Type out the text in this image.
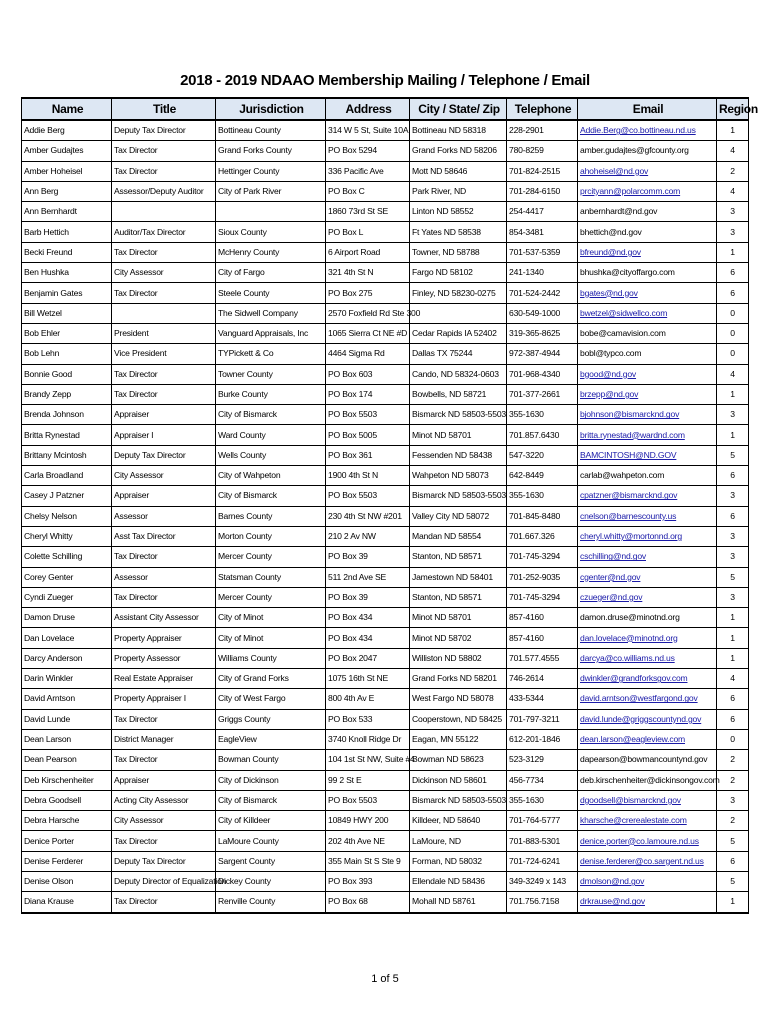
2018 - 2019 NDAAO Membership Mailing / Telephone / Email
Name	Title	Jurisdiction	Address	City / State/ Zip	Telephone	Email	Region
Addie Berg	Deputy Tax Director	Bottineau County	314 W 5 St, Suite 10A	Bottineau ND 58318	228-2901	Addie.Berg@co.bottineau.nd.us	1
Amber Gudajtes	Tax Director	Grand Forks County	PO Box 5294	Grand Forks ND 58206	780-8259	amber.gudajtes@gfcounty.org	4
Amber Hoheisel	Tax Director	Hettinger County	336 Pacific Ave	Mott ND 58646	701-824-2515	ahoheisel@nd.gov	2
Ann Berg	Assessor/Deputy Auditor	City of Park River	PO Box C	Park River, ND	701-284-6150	prcityann@polarcomm.com	4
Ann Bernhardt			1860 73rd St SE	Linton ND 58552	254-4417	anbernhardt@nd.gov	3
Barb Hettich	Auditor/Tax Director	Sioux County	PO Box L	Ft Yates ND 58538	854-3481	bhettich@nd.gov	3
Becki Freund	Tax Director	McHenry County	6 Airport Road	Towner, ND 58788	701-537-5359	bfreund@nd.gov	1
Ben Hushka	City Assessor	City of Fargo	321 4th St N	Fargo ND 58102	241-1340	bhushka@cityoffargo.com	6
Benjamin Gates	Tax Director	Steele County	PO Box 275	Finley, ND 58230-0275	701-524-2442	bgates@nd.gov	6
Bill Wetzel		The Sidwell Company	2570 Foxfield Rd Ste 300		630-549-1000	bwetzel@sidwellco.com	0
Bob Ehler	President	Vanguard Appraisals, Inc	1065 Sierra Ct NE #D	Cedar Rapids IA 52402	319-365-8625	bobe@camavision.com	0
Bob Lehn	Vice President	TYPickett & Co	4464 Sigma Rd	Dallas TX 75244	972-387-4944	bobl@typco.com	0
Bonnie Good	Tax Director	Towner County	PO Box 603	Cando, ND 58324-0603	701-968-4340	bgood@nd.gov	4
Brandy Zepp	Tax Director	Burke County	PO Box 174	Bowbells, ND 58721	701-377-2661	brzepp@nd.gov	1
Brenda Johnson	Appraiser	City of Bismarck	PO Box 5503	Bismarck ND 58503-5503	355-1630	bjohnson@bismarcknd.gov	3
Britta Rynestad	Appraiser I	Ward County	PO Box 5005	Minot ND 58701	701.857.6430	britta.rynestad@wardnd.com	1
Brittany Mcintosh	Deputy Tax Director	Wells County	PO Box 361	Fessenden ND 58438	547-3220	BAMCINTOSH@ND.GOV	5
Carla Broadland	City Assessor	City of Wahpeton	1900 4th St N	Wahpeton ND 58073	642-8449	carlab@wahpeton.com	6
Casey J Patzner	Appraiser	City of Bismarck	PO Box 5503	Bismarck ND 58503-5503	355-1630	cpatzner@bismarcknd.gov	3
Chelsy Nelson	Assessor	Barnes County	230 4th St NW #201	Valley City ND 58072	701-845-8480	cnelson@barnescounty.us	6
Cheryl Whitty	Asst Tax Director	Morton County	210 2 Av NW	Mandan ND 58554	701.667.326	cheryl.whitty@mortonnd.org	3
Colette Schilling	Tax Director	Mercer County	PO Box 39	Stanton, ND 58571	701-745-3294	cschilling@nd.gov	3
Corey Genter	Assessor	Statsman County	511 2nd Ave SE	Jamestown ND 58401	701-252-9035	cgenter@nd.gov	5
Cyndi Zueger	Tax Director	Mercer County	PO Box 39	Stanton, ND 58571	701-745-3294	czueger@nd.gov	3
Damon Druse	Assistant City Assessor	City of Minot	PO Box 434	Minot ND 58701	857-4160	damon.druse@minotnd.org	1
Dan Lovelace	Property Appraiser	City of Minot	PO Box 434	Minot ND 58702	857-4160	dan.lovelace@minotnd.org	1
Darcy Anderson	Property Assessor	Williams County	PO Box 2047	Williston ND 58802	701.577.4555	darcya@co.williams.nd.us	1
Darin Winkler	Real Estate Appraiser	City of Grand Forks	1075 16th St NE	Grand Forks ND 58201	746-2614	dwinkler@grandforksgov.com	4
David Arntson	Property Appraiser I	City of West Fargo	800 4th Av E	West Fargo ND 58078	433-5344	david.arntson@westfargond.gov	6
David Lunde	Tax Director	Griggs County	PO Box 533	Cooperstown, ND 58425	701-797-3211	david.lunde@griggscountynd.gov	6
Dean Larson	District Manager	EagleView	3740 Knoll Ridge Dr	Eagan, MN 55122	612-201-1846	dean.larson@eagleview.com	0
Dean Pearson	Tax Director	Bowman County	104 1st St NW, Suite #4	Bowman ND 58623	523-3129	dapearson@bowmancountynd.gov	2
Deb Kirschenheiter	Appraiser	City of Dickinson	99 2 St E	Dickinson ND 58601	456-7734	deb.kirschenheiter@dickinsongov.com	2
Debra Goodsell	Acting City Assessor	City of Bismarck	PO Box 5503	Bismarck ND 58503-5503	355-1630	dgoodsell@bismarcknd.gov	3
Debra Harsche	City Assessor	City of Killdeer	10849 HWY 200	Killdeer, ND 58640	701-764-5777	kharsche@crerealestate.com	2
Denice Porter	Tax Director	LaMoure County	202 4th Ave NE	LaMoure, ND	701-883-5301	denice.porter@co.lamoure.nd.us	5
Denise Ferderer	Deputy Tax Director	Sargent County	355 Main St S Ste 9	Forman, ND 58032	701-724-6241	denise.ferderer@co.sargent.nd.us	6
Denise Olson	Deputy Director of Equalization	Dickey County	PO Box 393	Ellendale ND 58436	349-3249 x 143	dmolson@nd.gov	5
Diana Krause	Tax Director	Renville County	PO Box 68	Mohall ND 58761	701.756.7158	drkrause@nd.gov	1
1 of 5
